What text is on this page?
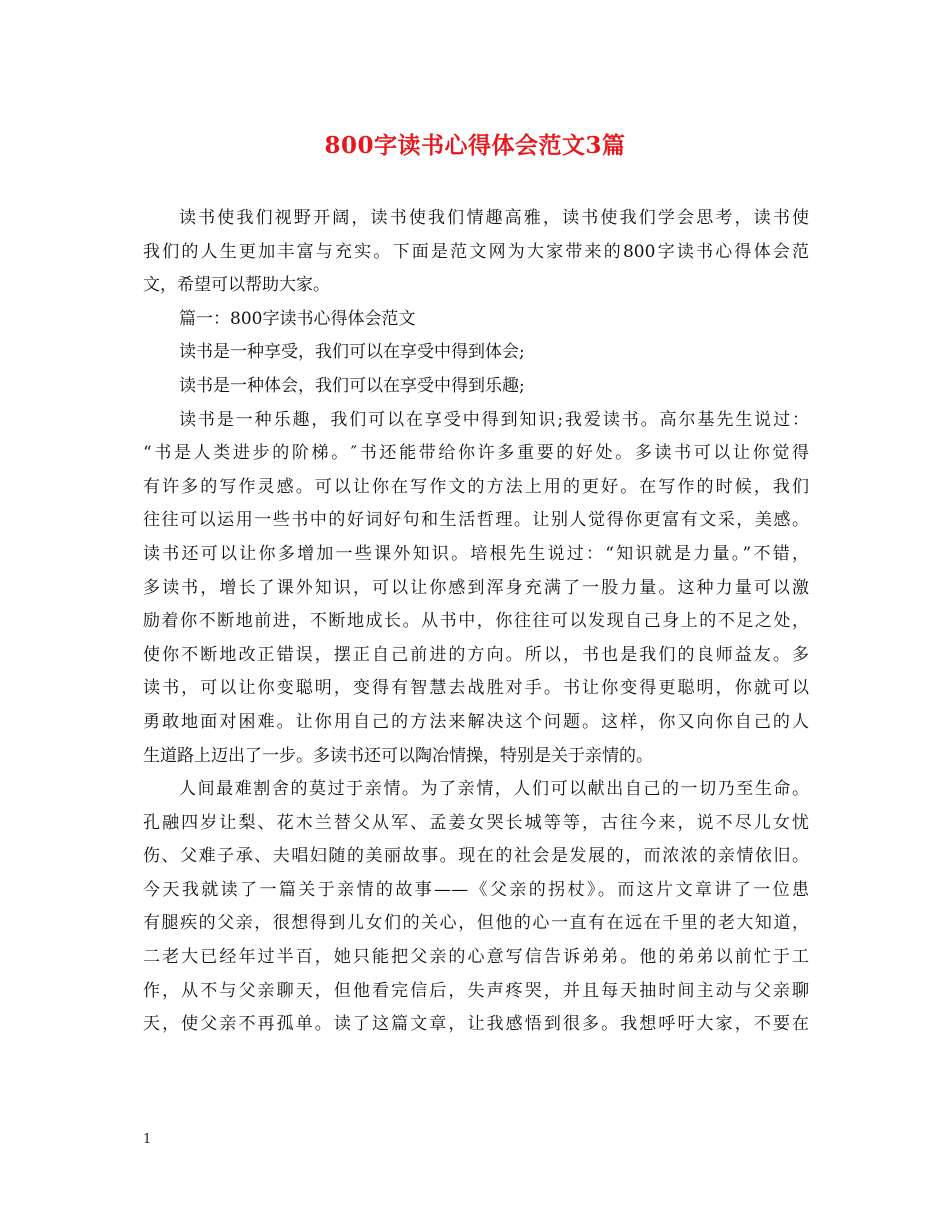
800字读书心得体会范文3篇
读书使我们视野开阔，读书使我们情趣高雅，读书使我们学会思考，读书使
我们的人生更加丰富与充实。下面是范文网为大家带来的800字读书心得体会范
文，希望可以帮助大家。
篇一：800字读书心得体会范文
读书是一种享受，我们可以在享受中得到体会;
读书是一种体会，我们可以在享受中得到乐趣;
读书是一种乐趣，我们可以在享受中得到知识;我爱读书。高尔基先生说过：
“书是人类进步的阶梯。″书还能带给你许多重要的好处。多读书可以让你觉得
有许多的写作灵感。可以让你在写作文的方法上用的更好。在写作的时候，我们
往往可以运用一些书中的好词好句和生活哲理。让别人觉得你更富有文采，美感。
读书还可以让你多增加一些课外知识。培根先生说过：“知识就是力量。”不错，
多读书，增长了课外知识，可以让你感到浑身充满了一股力量。这种力量可以激
励着你不断地前进，不断地成长。从书中，你往往可以发现自己身上的不足之处，
使你不断地改正错误，摆正自己前进的方向。所以，书也是我们的良师益友。多
读书，可以让你变聪明，变得有智慧去战胜对手。书让你变得更聪明，你就可以
勇敢地面对困难。让你用自己的方法来解决这个问题。这样，你又向你自己的人
生道路上迈出了一步。多读书还可以陶冶情操，特别是关于亲情的。
人间最难割舍的莫过于亲情。为了亲情，人们可以献出自己的一切乃至生命。
孔融四岁让梨、花木兰替父从军、孟姜女哭长城等等，古往今来，说不尽儿女忧
伤、父难子承、夫唱妇随的美丽故事。现在的社会是发展的，而浓浓的亲情依旧。
今天我就读了一篇关于亲情的故事——《父亲的拐杖》。而这片文章讲了一位患
有腿疾的父亲，很想得到儿女们的关心，但他的心一直有在远在千里的老大知道，
二老大已经年过半百，她只能把父亲的心意写信告诉弟弟。他的弟弟以前忙于工
作，从不与父亲聊天，但他看完信后，失声疼哭，并且每天抽时间主动与父亲聊
天，使父亲不再孤单。读了这篇文章，让我感悟到很多。我想呼吁大家，不要在
1
